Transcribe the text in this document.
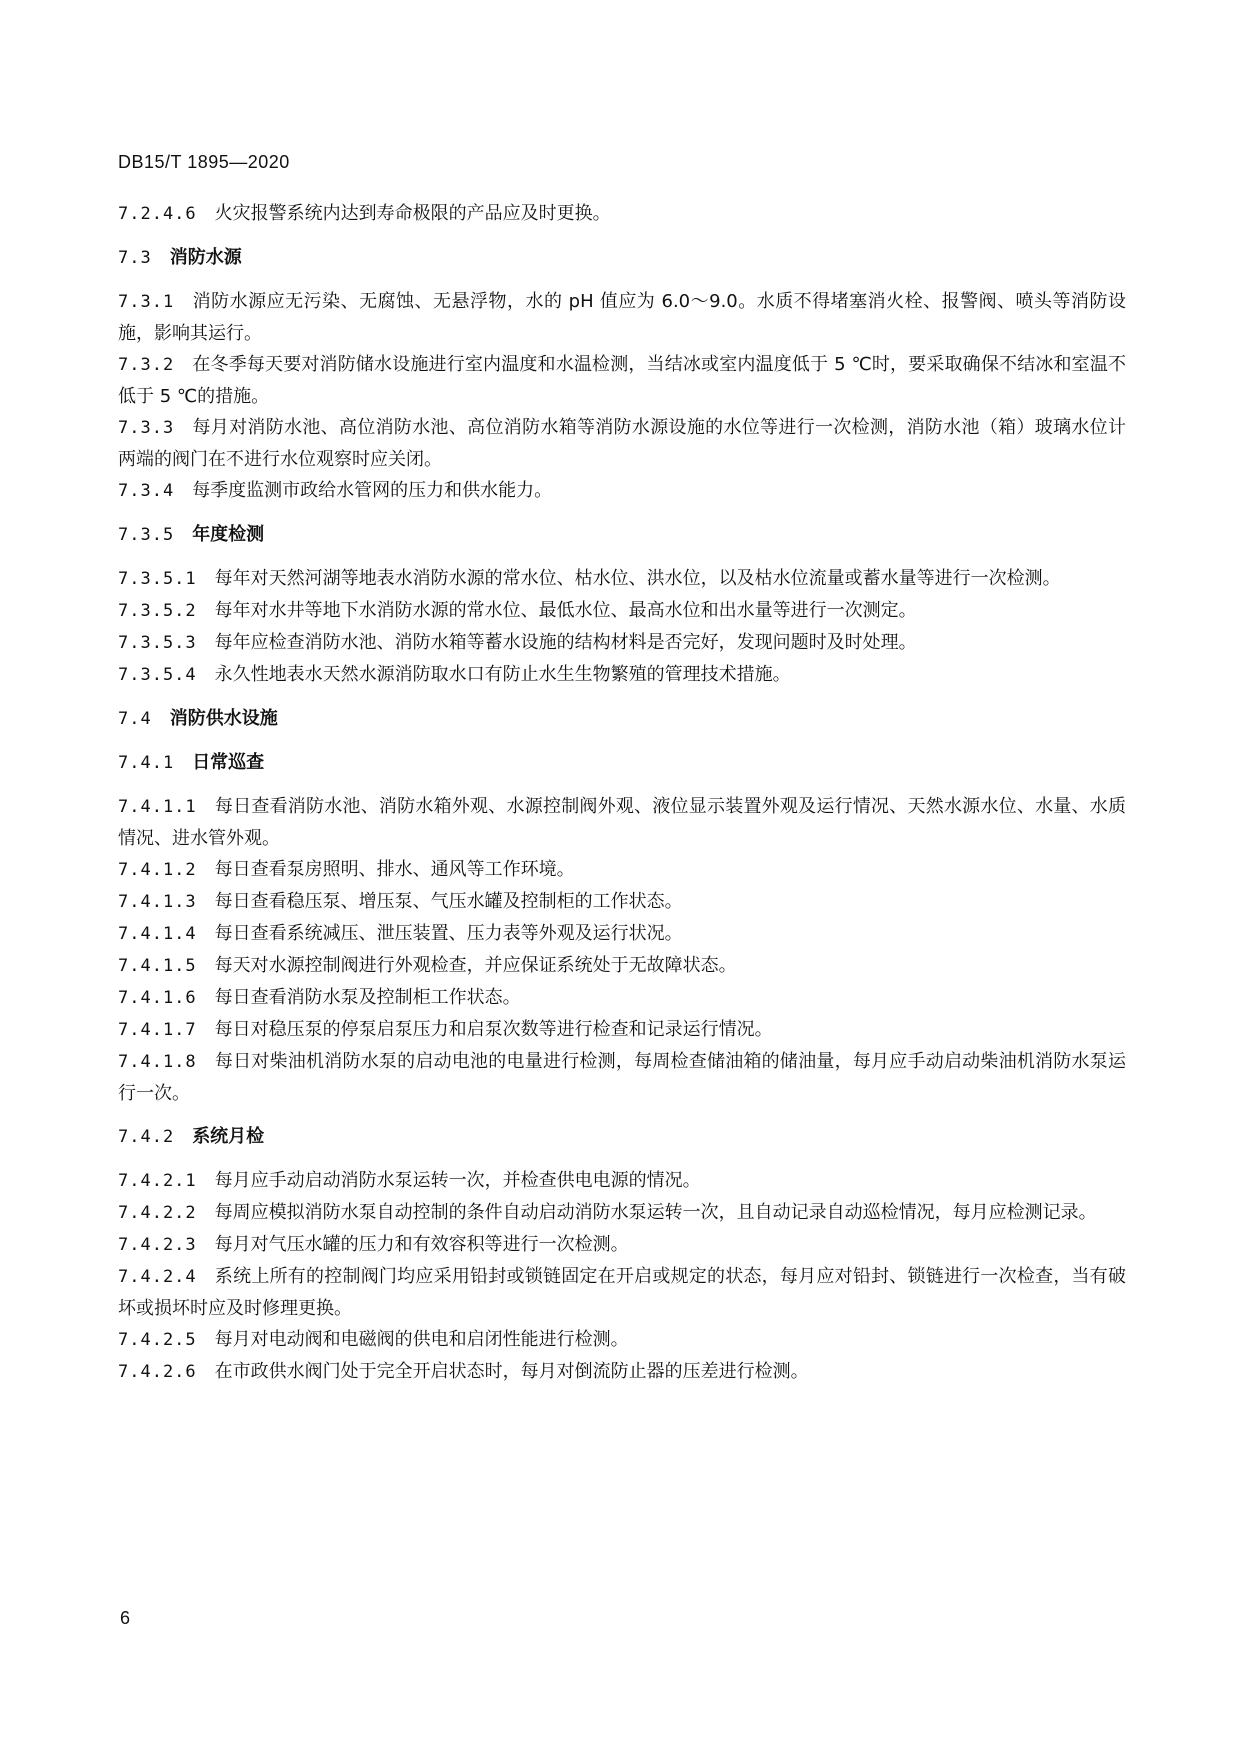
DB15/T 1895—2020

7.2.4.6 火灾报警系统内达到寿命极限的产品应及时更换。

7.3 消防水源

7.3.1 消防水源应无污染、无腐蚀、无悬浮物，水的 pH 值应为 6.0～9.0。水质不得堵塞消火栓、报警阀、喷头等消防设施，影响其运行。

7.3.2 在冬季每天要对消防储水设施进行室内温度和水温检测，当结冰或室内温度低于 5 ℃时，要采取确保不结冰和室温不低于 5 ℃的措施。

7.3.3 每月对消防水池、高位消防水池、高位消防水箱等消防水源设施的水位等进行一次检测，消防水池（箱）玻璃水位计两端的阀门在不进行水位观察时应关闭。

7.3.4 每季度监测市政给水管网的压力和供水能力。

7.3.5 年度检测

7.3.5.1 每年对天然河湖等地表水消防水源的常水位、枯水位、洪水位，以及枯水位流量或蓄水量等进行一次检测。

7.3.5.2 每年对水井等地下水消防水源的常水位、最低水位、最高水位和出水量等进行一次测定。

7.3.5.3 每年应检查消防水池、消防水箱等蓄水设施的结构材料是否完好，发现问题时及时处理。

7.3.5.4 永久性地表水天然水源消防取水口有防止水生生物繁殖的管理技术措施。

7.4 消防供水设施

7.4.1 日常巡查

7.4.1.1 每日查看消防水池、消防水箱外观、水源控制阀外观、液位显示装置外观及运行情况、天然水源水位、水量、水质情况、进水管外观。

7.4.1.2 每日查看泵房照明、排水、通风等工作环境。

7.4.1.3 每日查看稳压泵、增压泵、气压水罐及控制柜的工作状态。

7.4.1.4 每日查看系统减压、泄压装置、压力表等外观及运行状况。

7.4.1.5 每天对水源控制阀进行外观检查，并应保证系统处于无故障状态。

7.4.1.6 每日查看消防水泵及控制柜工作状态。

7.4.1.7 每日对稳压泵的停泵启泵压力和启泵次数等进行检查和记录运行情况。

7.4.1.8 每日对柴油机消防水泵的启动电池的电量进行检测，每周检查储油箱的储油量，每月应手动启动柴油机消防水泵运行一次。

7.4.2 系统月检

7.4.2.1 每月应手动启动消防水泵运转一次，并检查供电电源的情况。

7.4.2.2 每周应模拟消防水泵自动控制的条件自动启动消防水泵运转一次，且自动记录自动巡检情况，每月应检测记录。

7.4.2.3 每月对气压水罐的压力和有效容积等进行一次检测。

7.4.2.4 系统上所有的控制阀门均应采用铅封或锁链固定在开启或规定的状态，每月应对铅封、锁链进行一次检查，当有破坏或损坏时应及时修理更换。

7.4.2.5 每月对电动阀和电磁阀的供电和启闭性能进行检测。

7.4.2.6 在市政供水阀门处于完全开启状态时，每月对倒流防止器的压差进行检测。

6
